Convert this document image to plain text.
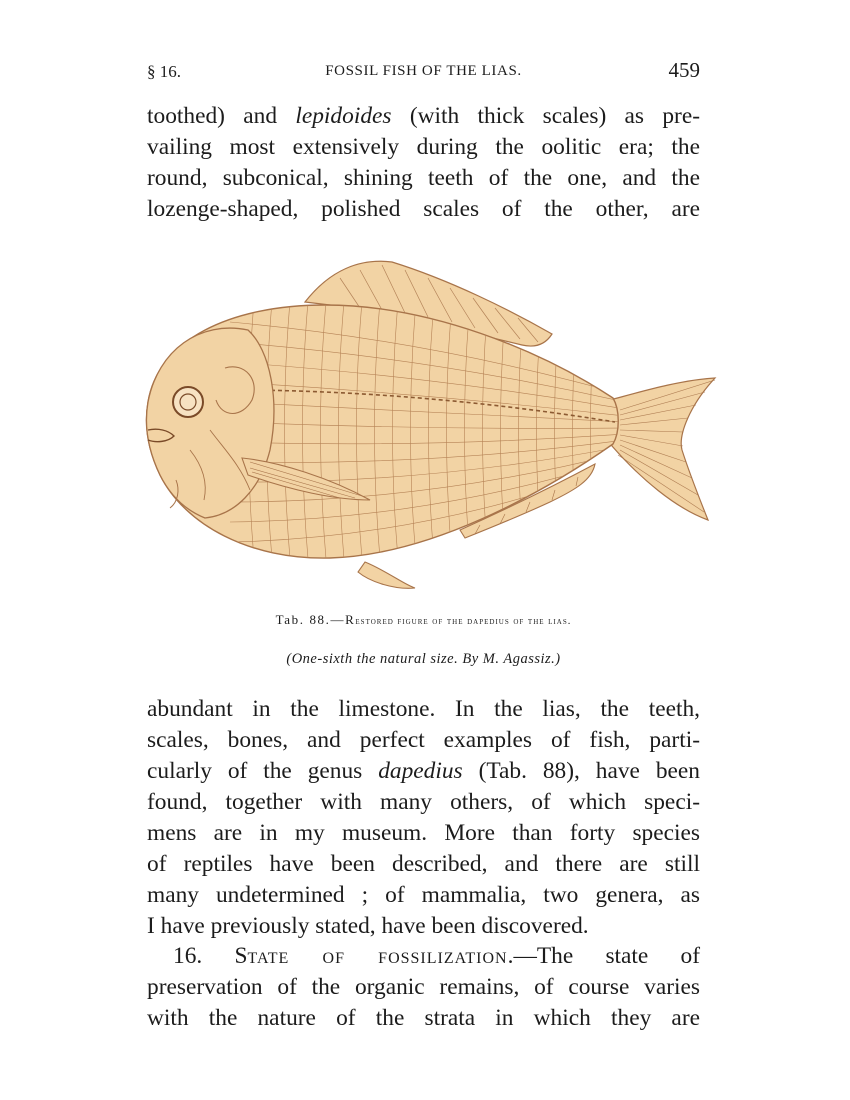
§ 16.	FOSSIL FISH OF THE LIAS.	459
toothed) and lepidoides (with thick scales) as pre-
vailing most extensively during the oolitic era; the
round, subconical, shining teeth of the one, and the
lozenge-shaped, polished scales of the other, are
Tab. 88.—Restored figure of the dapedius of the lias.
(One-sixth the natural size. By M. Agassiz.)
abundant in the limestone. In the lias, the teeth,
scales, bones, and perfect examples of fish, parti-
cularly of the genus dapedius (Tab. 88), have been
found, together with many others, of which speci-
mens are in my museum. More than forty species
of reptiles have been described, and there are still
many undetermined ; of mammalia, two genera, as
I have previously stated, have been discovered.
16. State of fossilization.—The state of
preservation of the organic remains, of course varies
with the nature of the strata in which they are
